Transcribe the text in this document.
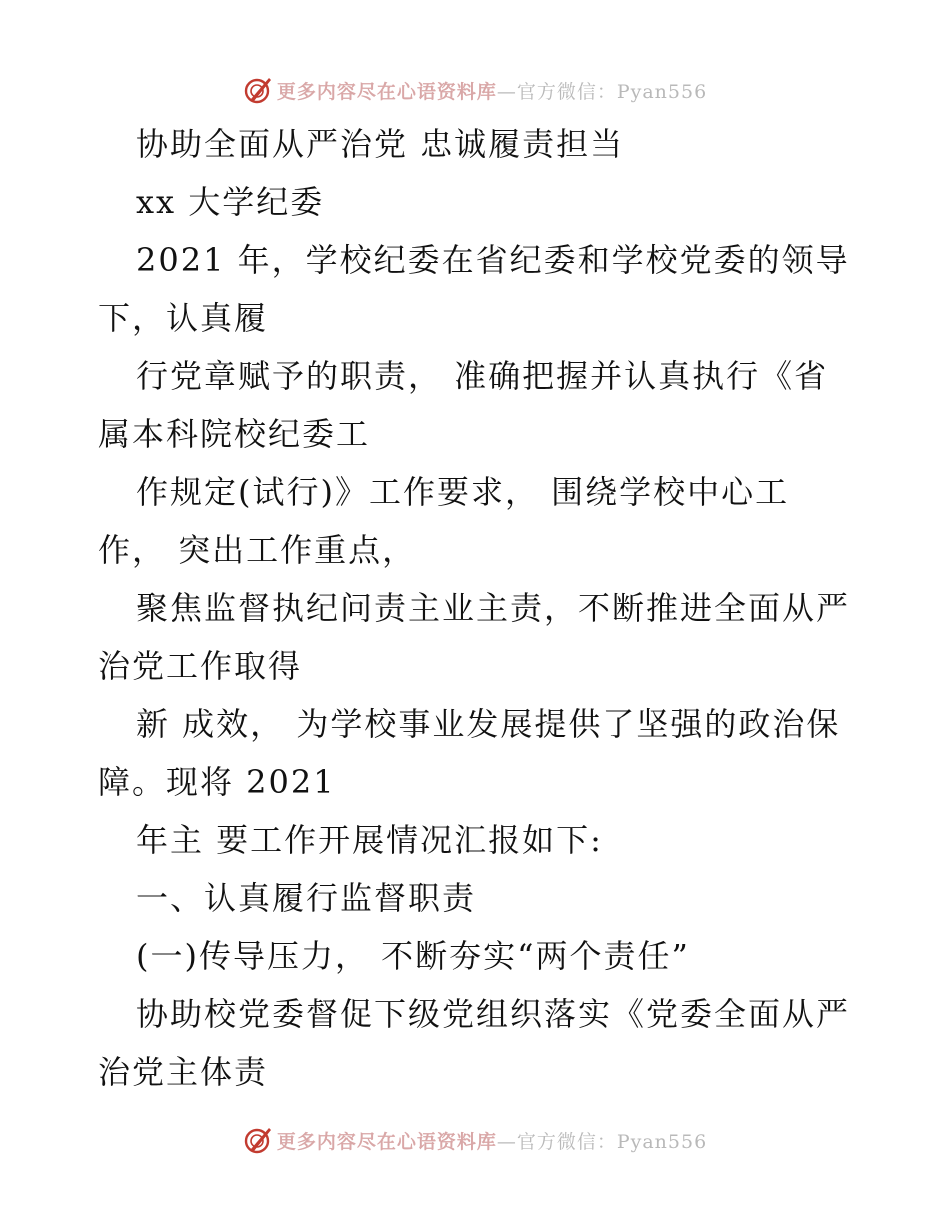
更多内容尽在心语资料库—官方微信：Pyan556
协助全面从严治党 忠诚履责担当
xx 大学纪委
2021 年，学校纪委在省纪委和学校党委的领导
下，认真履
行党章赋予的职责， 准确把握并认真执行《省
属本科院校纪委工
作规定(试行)》工作要求， 围绕学校中心工
作， 突出工作重点，
聚焦监督执纪问责主业主责，不断推进全面从严
治党工作取得
新 成效， 为学校事业发展提供了坚强的政治保
障。现将 2021
年主 要工作开展情况汇报如下:
一、认真履行监督职责
(一)传导压力， 不断夯实“两个责任”
协助校党委督促下级党组织落实《党委全面从严
治党主体责
更多内容尽在心语资料库—官方微信：Pyan556
